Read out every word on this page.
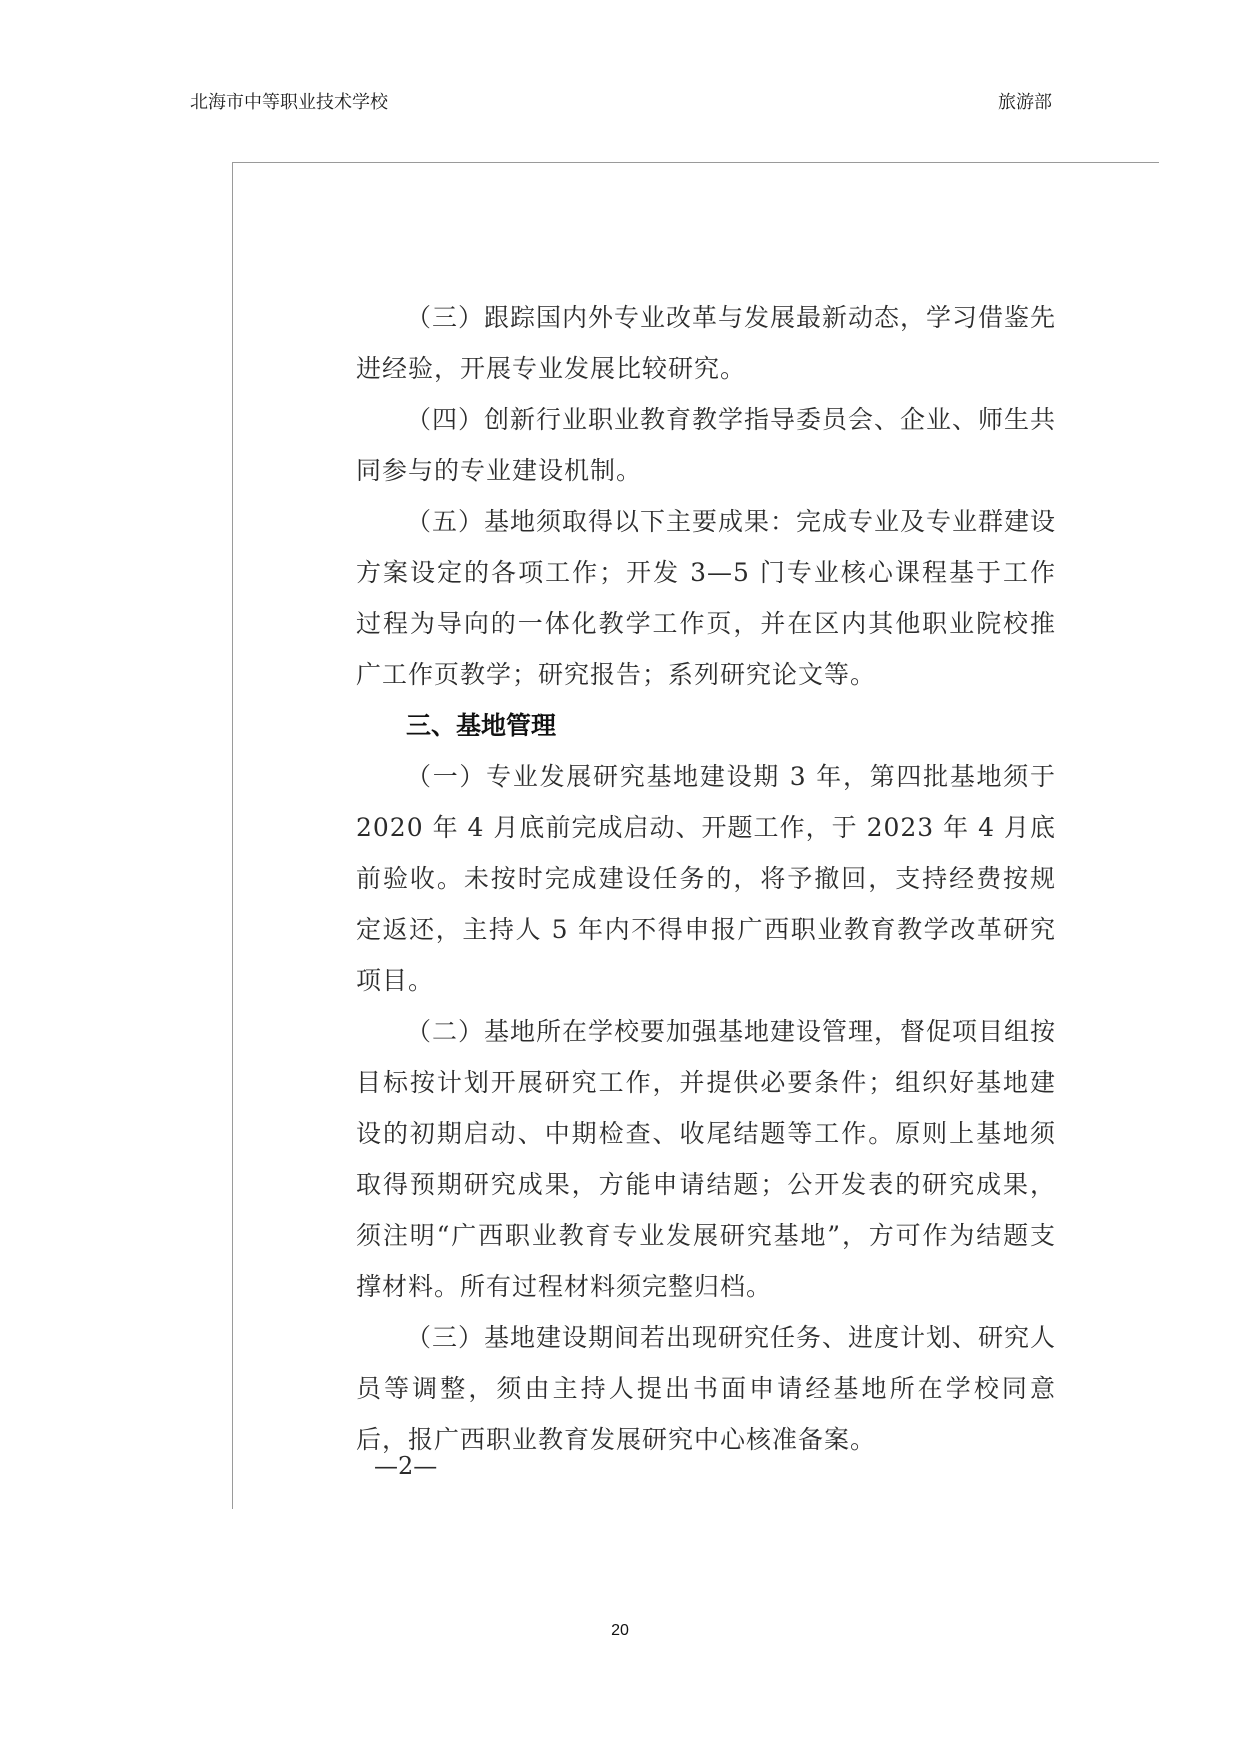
北海市中等职业技术学校	旅游部

（三）跟踪国内外专业改革与发展最新动态，学习借鉴先进经验，开展专业发展比较研究。

（四）创新行业职业教育教学指导委员会、企业、师生共同参与的专业建设机制。

（五）基地须取得以下主要成果：完成专业及专业群建设方案设定的各项工作；开发 3—5 门专业核心课程基于工作过程为导向的一体化教学工作页，并在区内其他职业院校推广工作页教学；研究报告；系列研究论文等。

三、基地管理

（一）专业发展研究基地建设期 3 年，第四批基地须于 2020 年 4 月底前完成启动、开题工作，于 2023 年 4 月底前验收。未按时完成建设任务的，将予撤回，支持经费按规定返还，主持人 5 年内不得申报广西职业教育教学改革研究项目。

（二）基地所在学校要加强基地建设管理，督促项目组按目标按计划开展研究工作，并提供必要条件；组织好基地建设的初期启动、中期检查、收尾结题等工作。原则上基地须取得预期研究成果，方能申请结题；公开发表的研究成果，须注明“广西职业教育专业发展研究基地”，方可作为结题支撑材料。所有过程材料须完整归档。

（三）基地建设期间若出现研究任务、进度计划、研究人员等调整，须由主持人提出书面申请经基地所在学校同意后，报广西职业教育发展研究中心核准备案。

—2—
20
